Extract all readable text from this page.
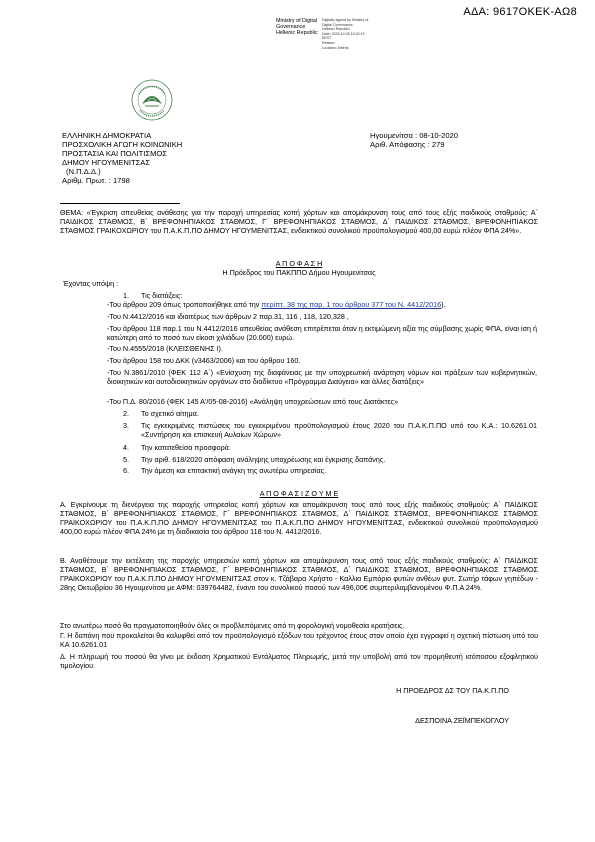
ΑΔΑ: 9617ΟΚΕΚ-ΑΩ8
Ministry of Digital
Governance
Hellenic Republic
Digitally signed by Ministry of
Digital Governance,
Hellenic Republic
Date: 2020.10.08 15:32:15
EEST
Reason:
Location: Athens
ΕΛΛΗΝΙΚΗ ΔΗΜΟΚΡΑΤΙΑ
ΠΡΟΣΧΟΛΙΚΗ ΑΓΩΓΗ ΚΟΙΝΩΝΙΚΗ
ΠΡΟΣΤΑΣΙΑ ΚΑΙ ΠΟΛΙΤΙΣΜΟΣ
ΔΗΜΟΥ ΗΓΟΥΜΕΝΙΤΣΑΣ
(Ν.Π.Δ.Δ.)
Αριθμ. Πρωτ. : 1798
Ηγουμενίτσα : 08-10-2020
Αριθ. Απόφασης : 279
ΘΕΜΑ: «Έγκριση απευθείας ανάθεσης για την παροχή υπηρεσίας κοπή χόρτων και απομάκρυνση τους από τους εξής παιδικούς σταθμούς: Α΄ ΠΑΙΔΙΚΟΣ ΣΤΑΘΜΟΣ, Β΄ ΒΡΕΦΟΝΗΠΙΑΚΟΣ ΣΤΑΘΜΟΣ, Γ΄ ΒΡΕΦΟΝΗΠΙΑΚΟΣ ΣΤΑΘΜΟΣ, Δ΄ ΠΑΙΔΙΚΟΣ ΣΤΑΘΜΟΣ, ΒΡΕΦΟΝΗΠΙΑΚΟΣ ΣΤΑΘΜΟΣ ΓΡΑΙΚΟΧΩΡΙΟΥ του Π.Α.Κ.Π.ΠΟ ΔΗΜΟΥ ΗΓΟΥΜΕΝΙΤΣΑΣ, ενδεικτικού συνολικού προϋπολογισμού 400,00 ευρώ πλέον ΦΠΑ 24%».
Α Π Ο Φ Α Σ Η
Η Πρόεδρος του ΠΑΚΠΠΟ Δήμου Ηγουμενίτσας
Έχοντας υπόψη :
1. Τις διατάξεις:
-Του άρθρου 209 όπως τροποποιήθηκε από την περίπτ. 38 της παρ. 1 του άρθρου 377 του Ν. 4412/2016).
-Του Ν.4412/2016 και ιδιαιτέρως των άρθρων 2 παρ.31, 116 , 118, 120,328 ,
-Του άρθρου 118 παρ.1 του Ν.4412/2016 απευθείας ανάθεση επιτρέπεται όταν η εκτιμώμενη αξία της σύμβασης χωρίς ΦΠΑ, είναι ίση ή κατώτερη από το ποσό των είκοσι χιλιάδων (20.000) ευρώ.
-Του Ν.4555/2018 (ΚΛΕΙΣΘΕΝΗΣ Ι).
-Του άρθρου 158 του ΔΚΚ (ν3463/2006) και του άρθρου 160.
-Του Ν.3861/2010 (ΦΕΚ 112 Α΄) «Ενίσχυση της διαφάνειας με την υποχρεωτική ανάρτηση νόμων και πράξεων των κυβερνητικών, διοικητικών και αυτοδιοικητικών οργάνων στο διαδίκτυο «Πρόγραμμα Διαύγεια» και άλλες διατάξεις»
-Του Π.Δ. 80/2016 (ΦΕΚ 145 Α'/05-08-2016) «Ανάληψη υποχρεώσεων από τους Διατάκτες»
2. Το σχετικό αίτημα.
3. Τις εγκεκριμένες πιστώσεις του εγκεκριμένου προϋπολογισμού έτους 2020 του Π.Α.Κ.Π.ΠΟ υπό του Κ.Α.: 10.6261.01 «Συντήρηση και επισκευή Αυλαίων Χώρων»
4. Την κατατεθείσα προσφορά.
5. Την αριθ. 618/2020 απόφαση ανάληψης υποχρέωσης και έγκρισης δαπάνης.
6. Την άμεση και επιτακτική ανάγκη της ανωτέρω υπηρεσίας.
Α Π Ο Φ Α Σ Ι Ζ Ο Υ Μ Ε
Α. Εγκρίνουμε τη διενέργεια της παροχής υπηρεσίας κοπή χόρτων και απομάκρυνση τους από τους εξής παιδικούς σταθμούς: Α΄ ΠΑΙΔΙΚΟΣ ΣΤΑΘΜΟΣ, Β΄ ΒΡΕΦΟΝΗΠΙΑΚΟΣ ΣΤΑΘΜΟΣ, Γ΄ ΒΡΕΦΟΝΗΠΙΑΚΟΣ ΣΤΑΘΜΟΣ, Δ΄ ΠΑΙΔΙΚΟΣ ΣΤΑΘΜΟΣ, ΒΡΕΦΟΝΗΠΙΑΚΟΣ ΣΤΑΘΜΟΣ ΓΡΑΙΚΟΧΩΡΙΟΥ του Π.Α.Κ.Π.ΠΟ ΔΗΜΟΥ ΗΓΟΥΜΕΝΙΤΣΑΣ του Π.Α.Κ.Π.ΠΟ ΔΗΜΟΥ ΗΓΟΥΜΕΝΙΤΣΑΣ, ενδεικτικού συνολικού προϋπολογισμού 400,00 ευρώ πλέον ΦΠΑ 24% με τη διαδικασία του άρθρου 118 του Ν. 4412/2016.
Β. Αναθέτουμε την εκτέλεση της παροχής υπηρεσιών κοπή χόρτων και απομάκρυνση τους από τους εξής παιδικούς σταθμούς: Α΄ ΠΑΙΔΙΚΟΣ ΣΤΑΘΜΟΣ, Β΄ ΒΡΕΦΟΝΗΠΙΑΚΟΣ ΣΤΑΘΜΟΣ, Γ΄ ΒΡΕΦΟΝΗΠΙΑΚΟΣ ΣΤΑΘΜΟΣ, Δ΄ ΠΑΙΔΙΚΟΣ ΣΤΑΘΜΟΣ, ΒΡΕΦΟΝΗΠΙΑΚΟΣ ΣΤΑΘΜΟΣ ΓΡΑΙΚΟΧΩΡΙΟΥ του Π.Α.Κ.Π.ΠΟ ΔΗΜΟΥ ΗΓΟΥΜΕΝΙΤΣΑΣ στον κ. Τζάβαρα Χρήστο - Καλλια Εμπόριο φυτών ανθέων φυτ. Σωτήρ τάφων γηπέδων - 28ης Οκτωβρίου 36 Ηγουμενίτσα με ΑΦΜ: 039764482, έναντι του συνολικού ποσού των 496,00€ συμπεριλαμβανομένου Φ.Π.Α 24%.
Στο ανωτέρω ποσό θα πραγματοποιηθούν όλες οι προβλεπόμενες από τη φορολογική νομοθεσία κρατήσεις.
Γ. Η δαπάνη που προκαλείται θα καλυφθεί από τον προϋπολογισμό εξόδων του τρέχοντος έτους στον οποίο έχει εγγραφεί η σχετική πίστωση υπό του ΚΑ 10.6261.01
Δ. Η πληρωμή του ποσού θα γίνει με έκδοση Χρηματικού Εντάλματος Πληρωμής, μετά την υποβολή από τον προμηθευτή ισόποσου εξοφλητικού τιμολογίου.
Η ΠΡΟΕΔΡΟΣ ΔΣ ΤΟΥ ΠΑ.Κ.Π.ΠΟ
ΔΕΣΠΟΙΝΑ ΖΕΪΜΠΕΚΟΓΛΟΥ
